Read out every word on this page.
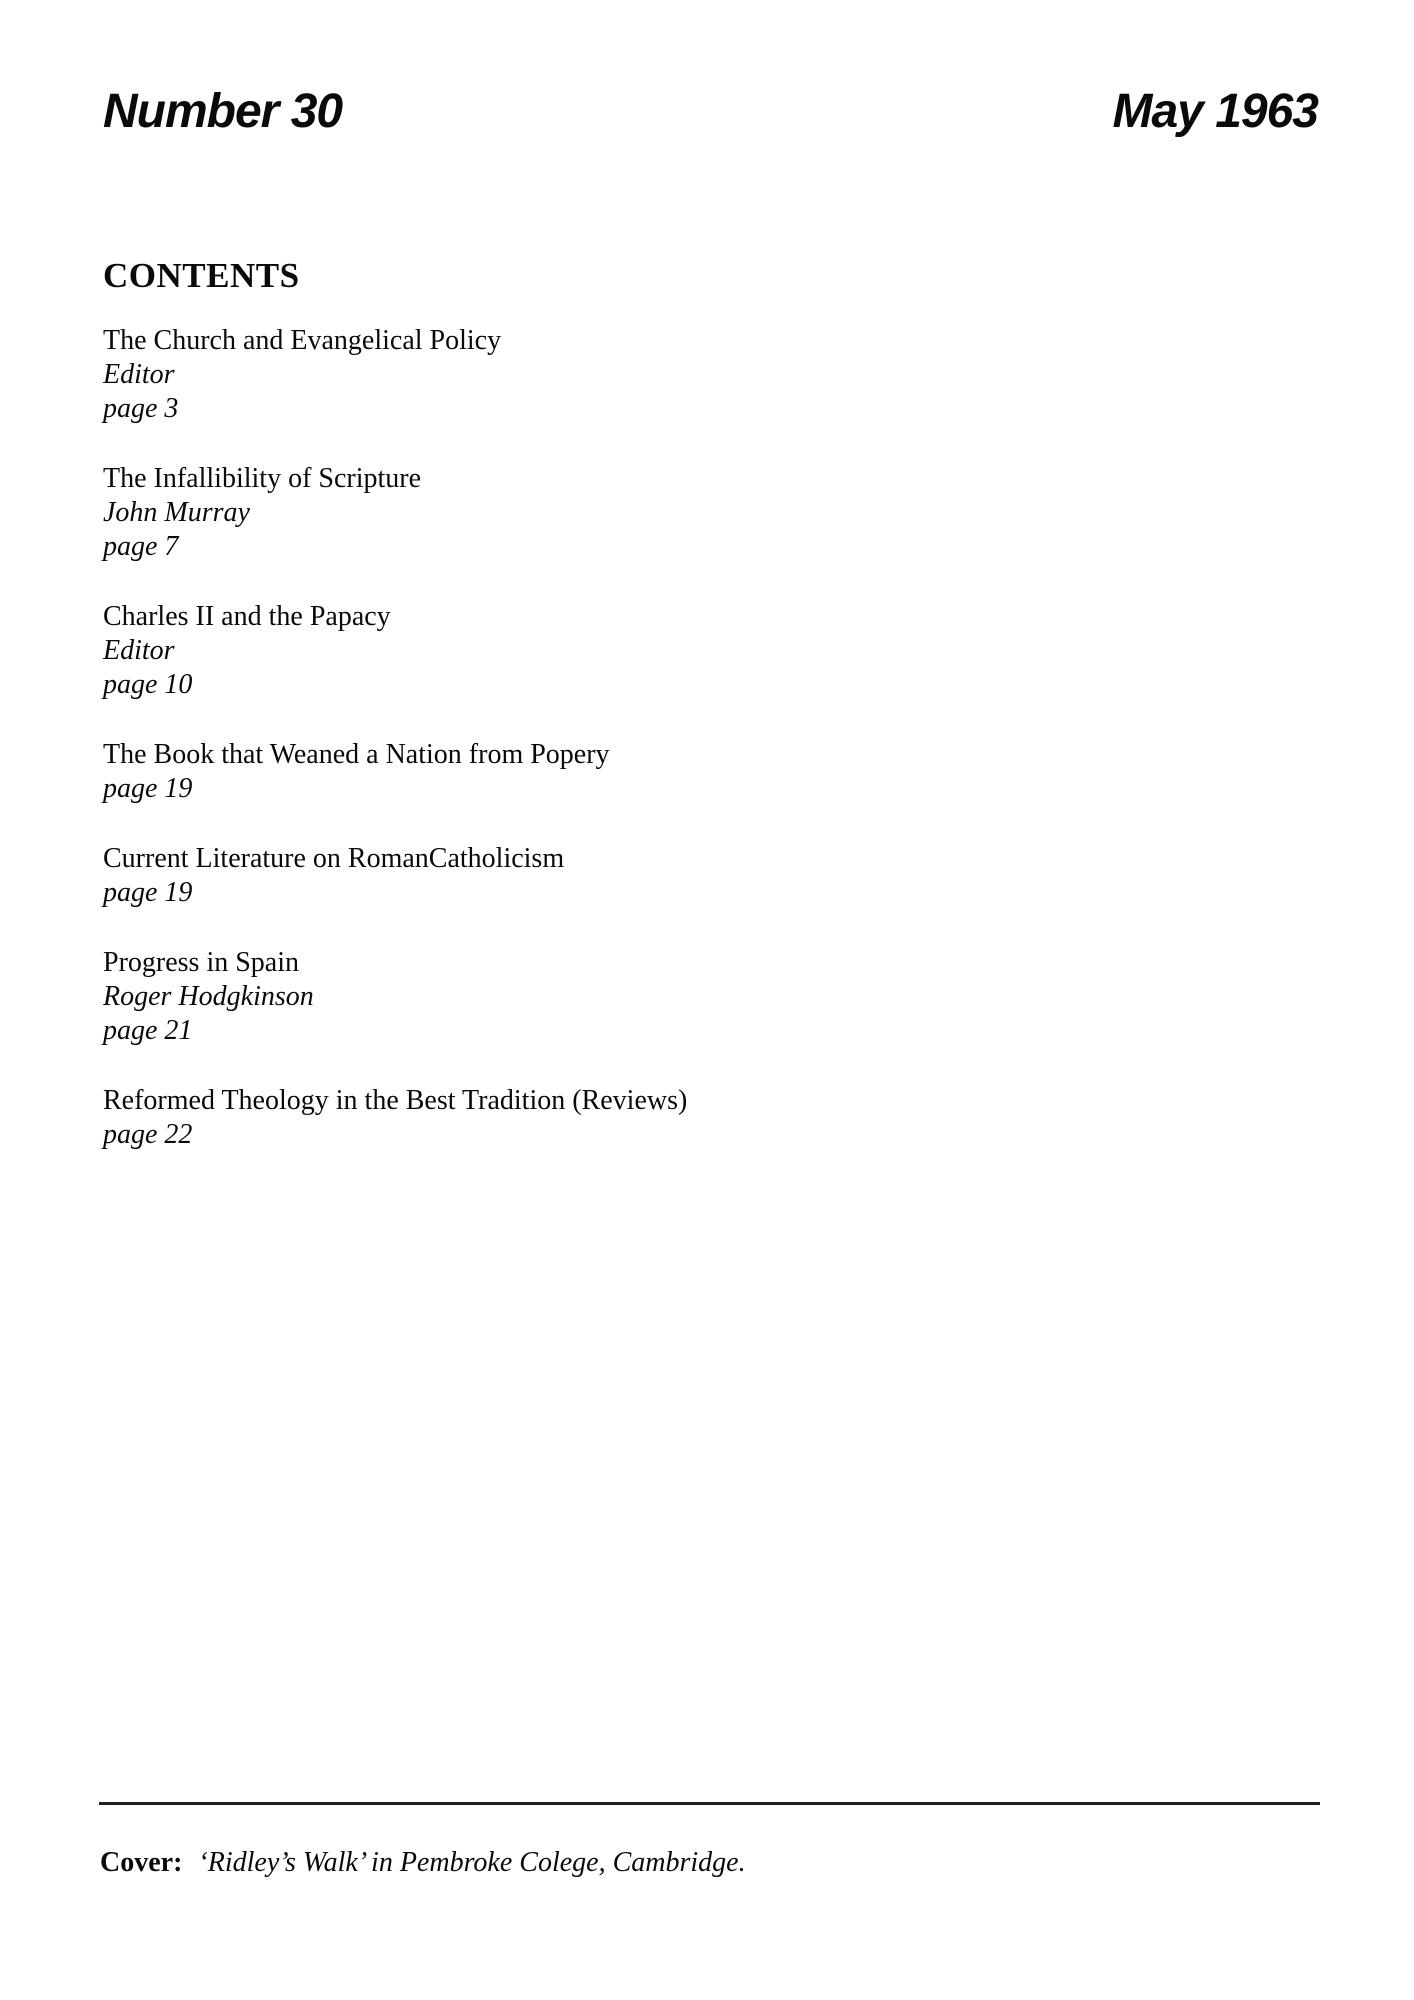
Number 30	May 1963
CONTENTS
The Church and Evangelical Policy
Editor
page 3
The Infallibility of Scripture
John Murray
page 7
Charles II and the Papacy
Editor
page 10
The Book that Weaned a Nation from Popery
page 19
Current Literature on RomanCatholicism
page 19
Progress in Spain
Roger Hodgkinson
page 21
Reformed Theology in the Best Tradition (Reviews)
page 22

Cover: ‘Ridley’s Walk’ in Pembroke Colege, Cambridge.
